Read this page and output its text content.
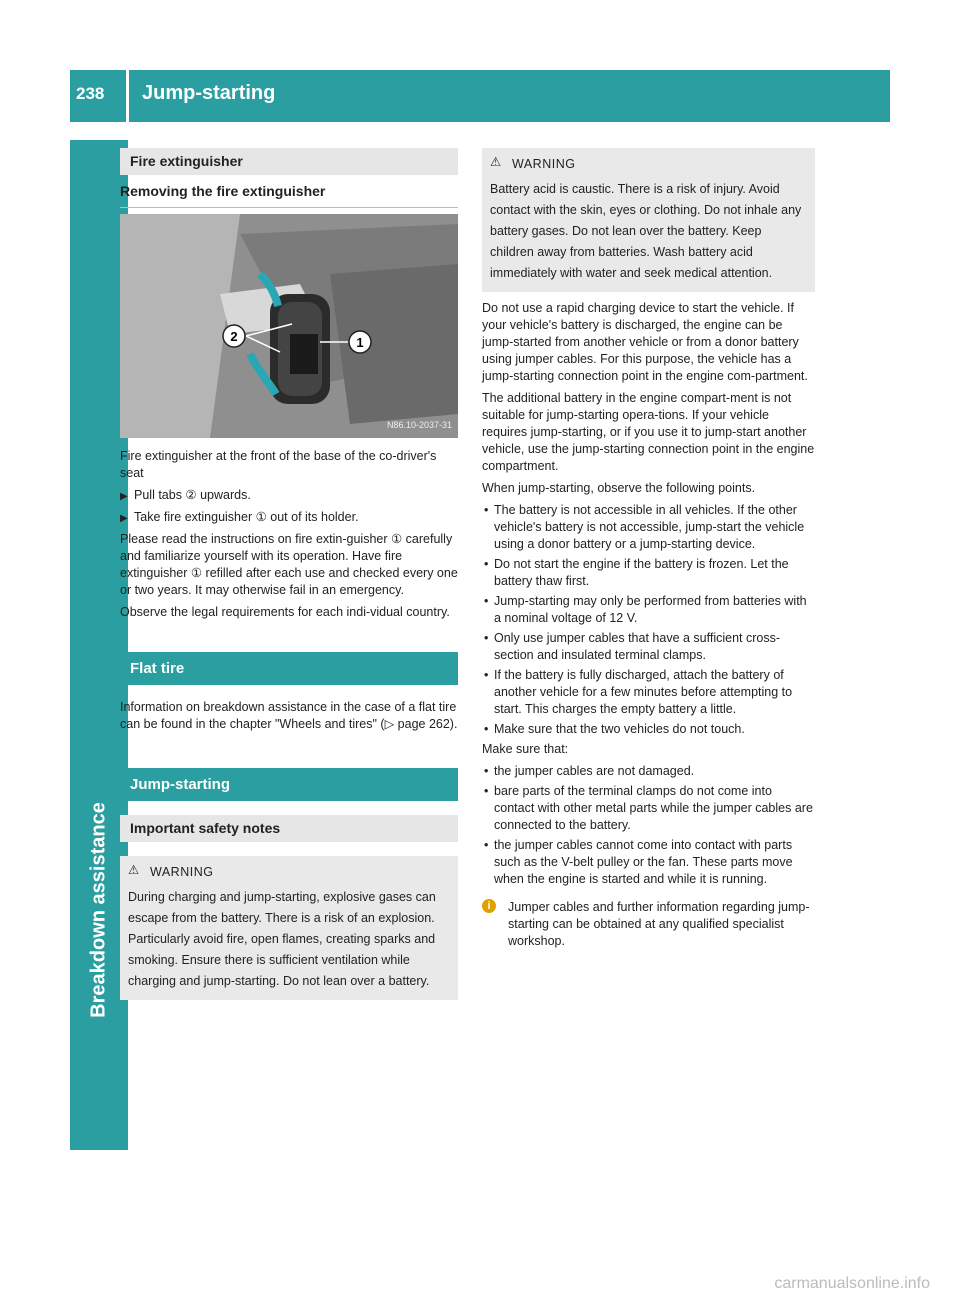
238 Jump-starting
Breakdown assistance
Fire extinguisher
Removing the fire extinguisher
2	1
N86.10-2037-31

Fire extinguisher at the front of the base of the co-driver's seat

▶ Pull tabs ② upwards.
▶ Take fire extinguisher ① out of its holder.

Please read the instructions on fire extin-guisher ① carefully and familiarize yourself with its operation. Have fire extinguisher ① refilled after each use and checked every one or two years. It may otherwise fail in an emergency.

Observe the legal requirements for each indi-vidual country.

Flat tire

Information on breakdown assistance in the case of a flat tire can be found in the chapter "Wheels and tires" (▷ page 262).

Jump-starting
Important safety notes
⚠ WARNING

During charging and jump-starting, explosive gases can escape from the battery. There is a risk of an explosion.

Particularly avoid fire, open flames, creating sparks and smoking. Ensure there is sufficient ventilation while charging and jump-starting. Do not lean over a battery.

⚠ WARNING

Battery acid is caustic. There is a risk of injury. Avoid contact with the skin, eyes or clothing. Do not inhale any battery gases. Do not lean over the battery. Keep children away from batteries. Wash battery acid immediately with water and seek medical attention.

Do not use a rapid charging device to start the vehicle. If your vehicle's battery is discharged, the engine can be jump-started from another vehicle or from a donor battery using jumper cables. For this purpose, the vehicle has a jump-starting connection point in the engine com-partment.

The additional battery in the engine compart-ment is not suitable for jump-starting opera-tions. If your vehicle requires jump-starting, or if you use it to jump-start another vehicle, use the jump-starting connection point in the engine compartment.

When jump-starting, observe the following points.

• The battery is not accessible in all vehicles. If the other vehicle's battery is not accessible, jump-start the vehicle using a donor battery or a jump-starting device.
• Do not start the engine if the battery is frozen. Let the battery thaw first.
• Jump-starting may only be performed from batteries with a nominal voltage of 12 V.
• Only use jumper cables that have a sufficient cross-section and insulated terminal clamps.
• If the battery is fully discharged, attach the battery of another vehicle for a few minutes before attempting to start. This charges the empty battery a little.
• Make sure that the two vehicles do not touch.

Make sure that:

• the jumper cables are not damaged.
• bare parts of the terminal clamps do not come into contact with other metal parts while the jumper cables are connected to the battery.
• the jumper cables cannot come into contact with parts such as the V-belt pulley or the fan. These parts move when the engine is started and while it is running.
i	Jumper cables and further information regarding jump-starting can be obtained at any qualified specialist workshop.
carmanualsonline.info
